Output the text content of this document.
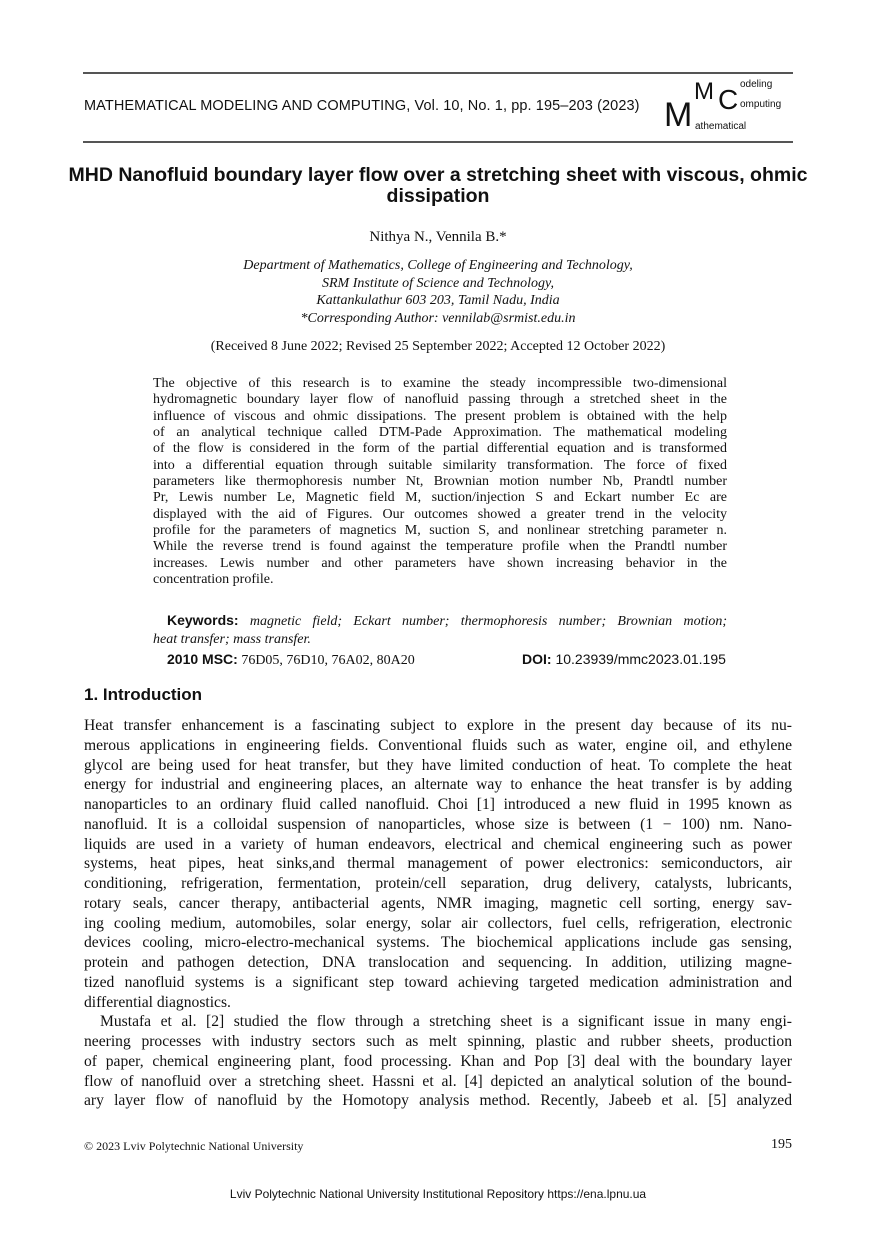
MATHEMATICAL MODELING AND COMPUTING, Vol. 10, No. 1, pp. 195–203 (2023) M
M C odeling
omputing
athematical
MHD Nanofluid boundary layer flow over a stretching sheet with viscous, ohmic dissipation
Nithya N., Vennila B.*
Department of Mathematics, College of Engineering and Technology,
SRM Institute of Science and Technology,
Kattankulathur 603 203, Tamil Nadu, India
*Corresponding Author: vennilab@srmist.edu.in
(Received 8 June 2022; Revised 25 September 2022; Accepted 12 October 2022)
The objective of this research is to examine the steady incompressible two-dimensional
hydromagnetic boundary layer flow of nanofluid passing through a stretched sheet in the
influence of viscous and ohmic dissipations. The present problem is obtained with the help
of an analytical technique called DTM-Pade Approximation. The mathematical modeling
of the flow is considered in the form of the partial differential equation and is transformed
into a differential equation through suitable similarity transformation. The force of fixed
parameters like thermophoresis number Nt, Brownian motion number Nb, Prandtl number
Pr, Lewis number Le, Magnetic field M, suction/injection S and Eckart number Ec are
displayed with the aid of Figures. Our outcomes showed a greater trend in the velocity
profile for the parameters of magnetics M, suction S, and nonlinear stretching parameter n.
While the reverse trend is found against the temperature profile when the Prandtl number
increases. Lewis number and other parameters have shown increasing behavior in the
concentration profile.
Keywords: magnetic field; Eckart number; thermophoresis number; Brownian motion;
heat transfer; mass transfer.
2010 MSC: 76D05, 76D10, 76A02, 80A20	DOI: 10.23939/mmc2023.01.195
1. Introduction
Heat transfer enhancement is a fascinating subject to explore in the present day because of its nu-
merous applications in engineering fields. Conventional fluids such as water, engine oil, and ethylene
glycol are being used for heat transfer, but they have limited conduction of heat. To complete the heat
energy for industrial and engineering places, an alternate way to enhance the heat transfer is by adding
nanoparticles to an ordinary fluid called nanofluid. Choi [1] introduced a new fluid in 1995 known as
nanofluid. It is a colloidal suspension of nanoparticles, whose size is between (1 − 100) nm. Nano-
liquids are used in a variety of human endeavors, electrical and chemical engineering such as power
systems, heat pipes, heat sinks,and thermal management of power electronics: semiconductors, air
conditioning, refrigeration, fermentation, protein/cell separation, drug delivery, catalysts, lubricants,
rotary seals, cancer therapy, antibacterial agents, NMR imaging, magnetic cell sorting, energy sav-
ing cooling medium, automobiles, solar energy, solar air collectors, fuel cells, refrigeration, electronic
devices cooling, micro-electro-mechanical systems. The biochemical applications include gas sensing,
protein and pathogen detection, DNA translocation and sequencing. In addition, utilizing magne-
tized nanofluid systems is a significant step toward achieving targeted medication administration and
differential diagnostics.
Mustafa et al. [2] studied the flow through a stretching sheet is a significant issue in many engi-
neering processes with industry sectors such as melt spinning, plastic and rubber sheets, production
of paper, chemical engineering plant, food processing. Khan and Pop [3] deal with the boundary layer
flow of nanofluid over a stretching sheet. Hassni et al. [4] depicted an analytical solution of the bound-
ary layer flow of nanofluid by the Homotopy analysis method. Recently, Jabeeb et al. [5] analyzed
© 2023 Lviv Polytechnic National University	195
Lviv Polytechnic National University Institutional Repository https://ena.lpnu.ua
